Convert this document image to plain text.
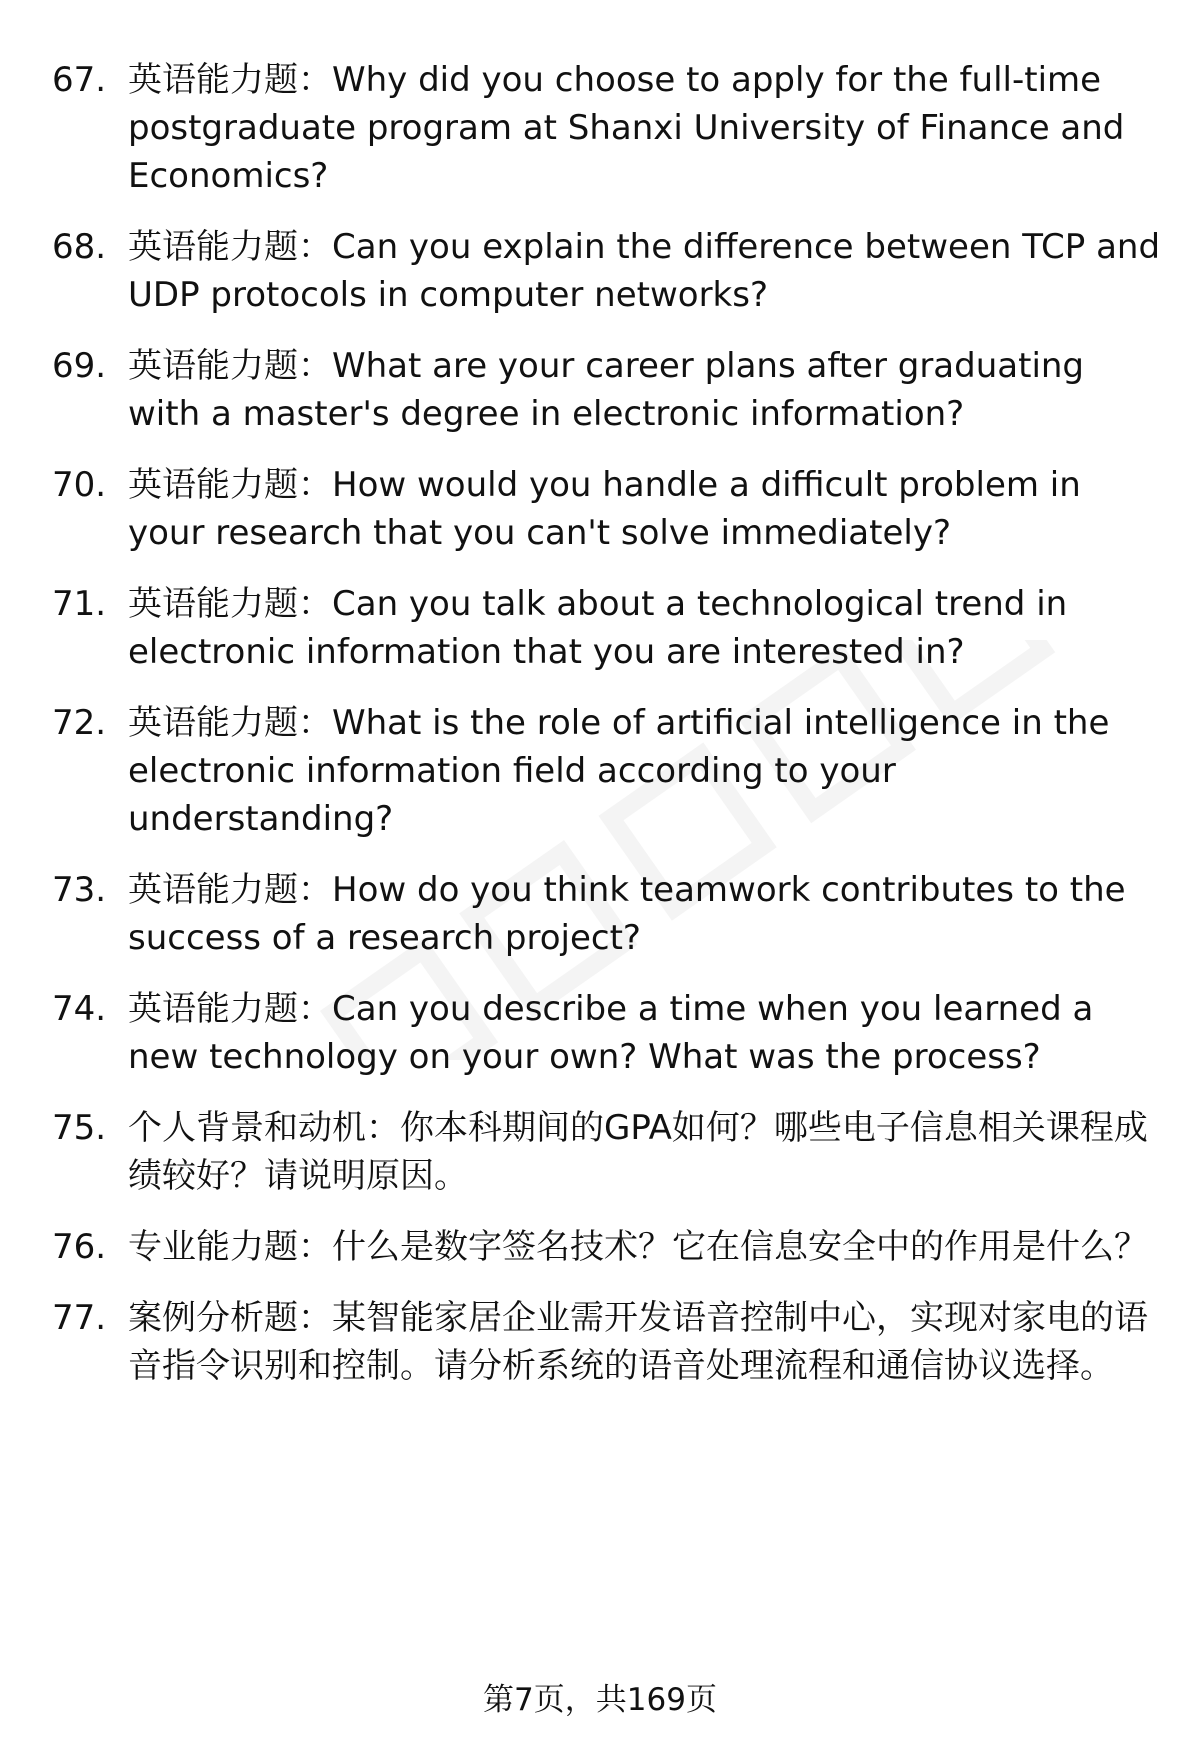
67. 英语能力题：Why did you choose to apply for the full-time postgraduate program at Shanxi University of Finance and Economics?
68. 英语能力题：Can you explain the difference between TCP and UDP protocols in computer networks?
69. 英语能力题：What are your career plans after graduating with a master's degree in electronic information?
70. 英语能力题：How would you handle a difficult problem in your research that you can't solve immediately?
71. 英语能力题：Can you talk about a technological trend in electronic information that you are interested in?
72. 英语能力题：What is the role of artificial intelligence in the electronic information field according to your understanding?
73. 英语能力题：How do you think teamwork contributes to the success of a research project?
74. 英语能力题：Can you describe a time when you learned a new technology on your own? What was the process?
75. 个人背景和动机：你本科期间的GPA如何？哪些电子信息相关课程成绩较好？请说明原因。
76. 专业能力题：什么是数字签名技术？它在信息安全中的作用是什么？
77. 案例分析题：某智能家居企业需开发语音控制中心，实现对家电的语音指令识别和控制。请分析系统的语音处理流程和通信协议选择。
第7页，共169页
